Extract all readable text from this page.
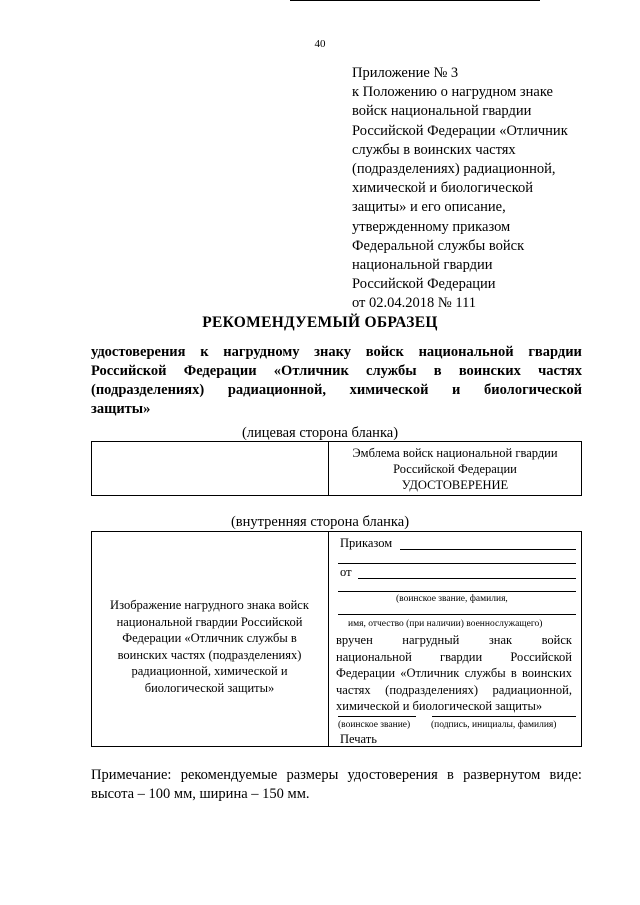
40
Приложение № 3
к Положению о нагрудном знаке
войск национальной гвардии
Российской Федерации «Отличник
службы в воинских частях
(подразделениях) радиационной,
химической и биологической
защиты» и его описание,
утвержденному приказом
Федеральной службы войск
национальной гвардии
Российской Федерации
от 02.04.2018 № 111
РЕКОМЕНДУЕМЫЙ ОБРАЗЕЦ
удостоверения к нагрудному знаку войск национальной гвардии
Российской Федерации «Отличник службы в воинских частях
(подразделениях) радиационной, химической и биологической
защиты»
(лицевая сторона бланка)
Эмблема войск национальной гвардии
Российской Федерации
УДОСТОВЕРЕНИЕ
(внутренняя сторона бланка)
Изображение нагрудного знака войск
национальной гвардии Российской
Федерации «Отличник службы в
воинских частях (подразделениях)
радиационной, химической и
биологической защиты»
Приказом
от
(воинское звание, фамилия,
имя, отчество (при наличии) военнослужащего)
вручен нагрудный знак войск
национальной гвардии Российской
Федерации «Отличник службы в воинских
частях (подразделениях) радиационной,
химической и биологической защиты»
(воинское звание) (подпись, инициалы, фамилия)
Печать
Примечание: рекомендуемые размеры удостоверения в развернутом виде:
высота – 100 мм, ширина – 150 мм.
